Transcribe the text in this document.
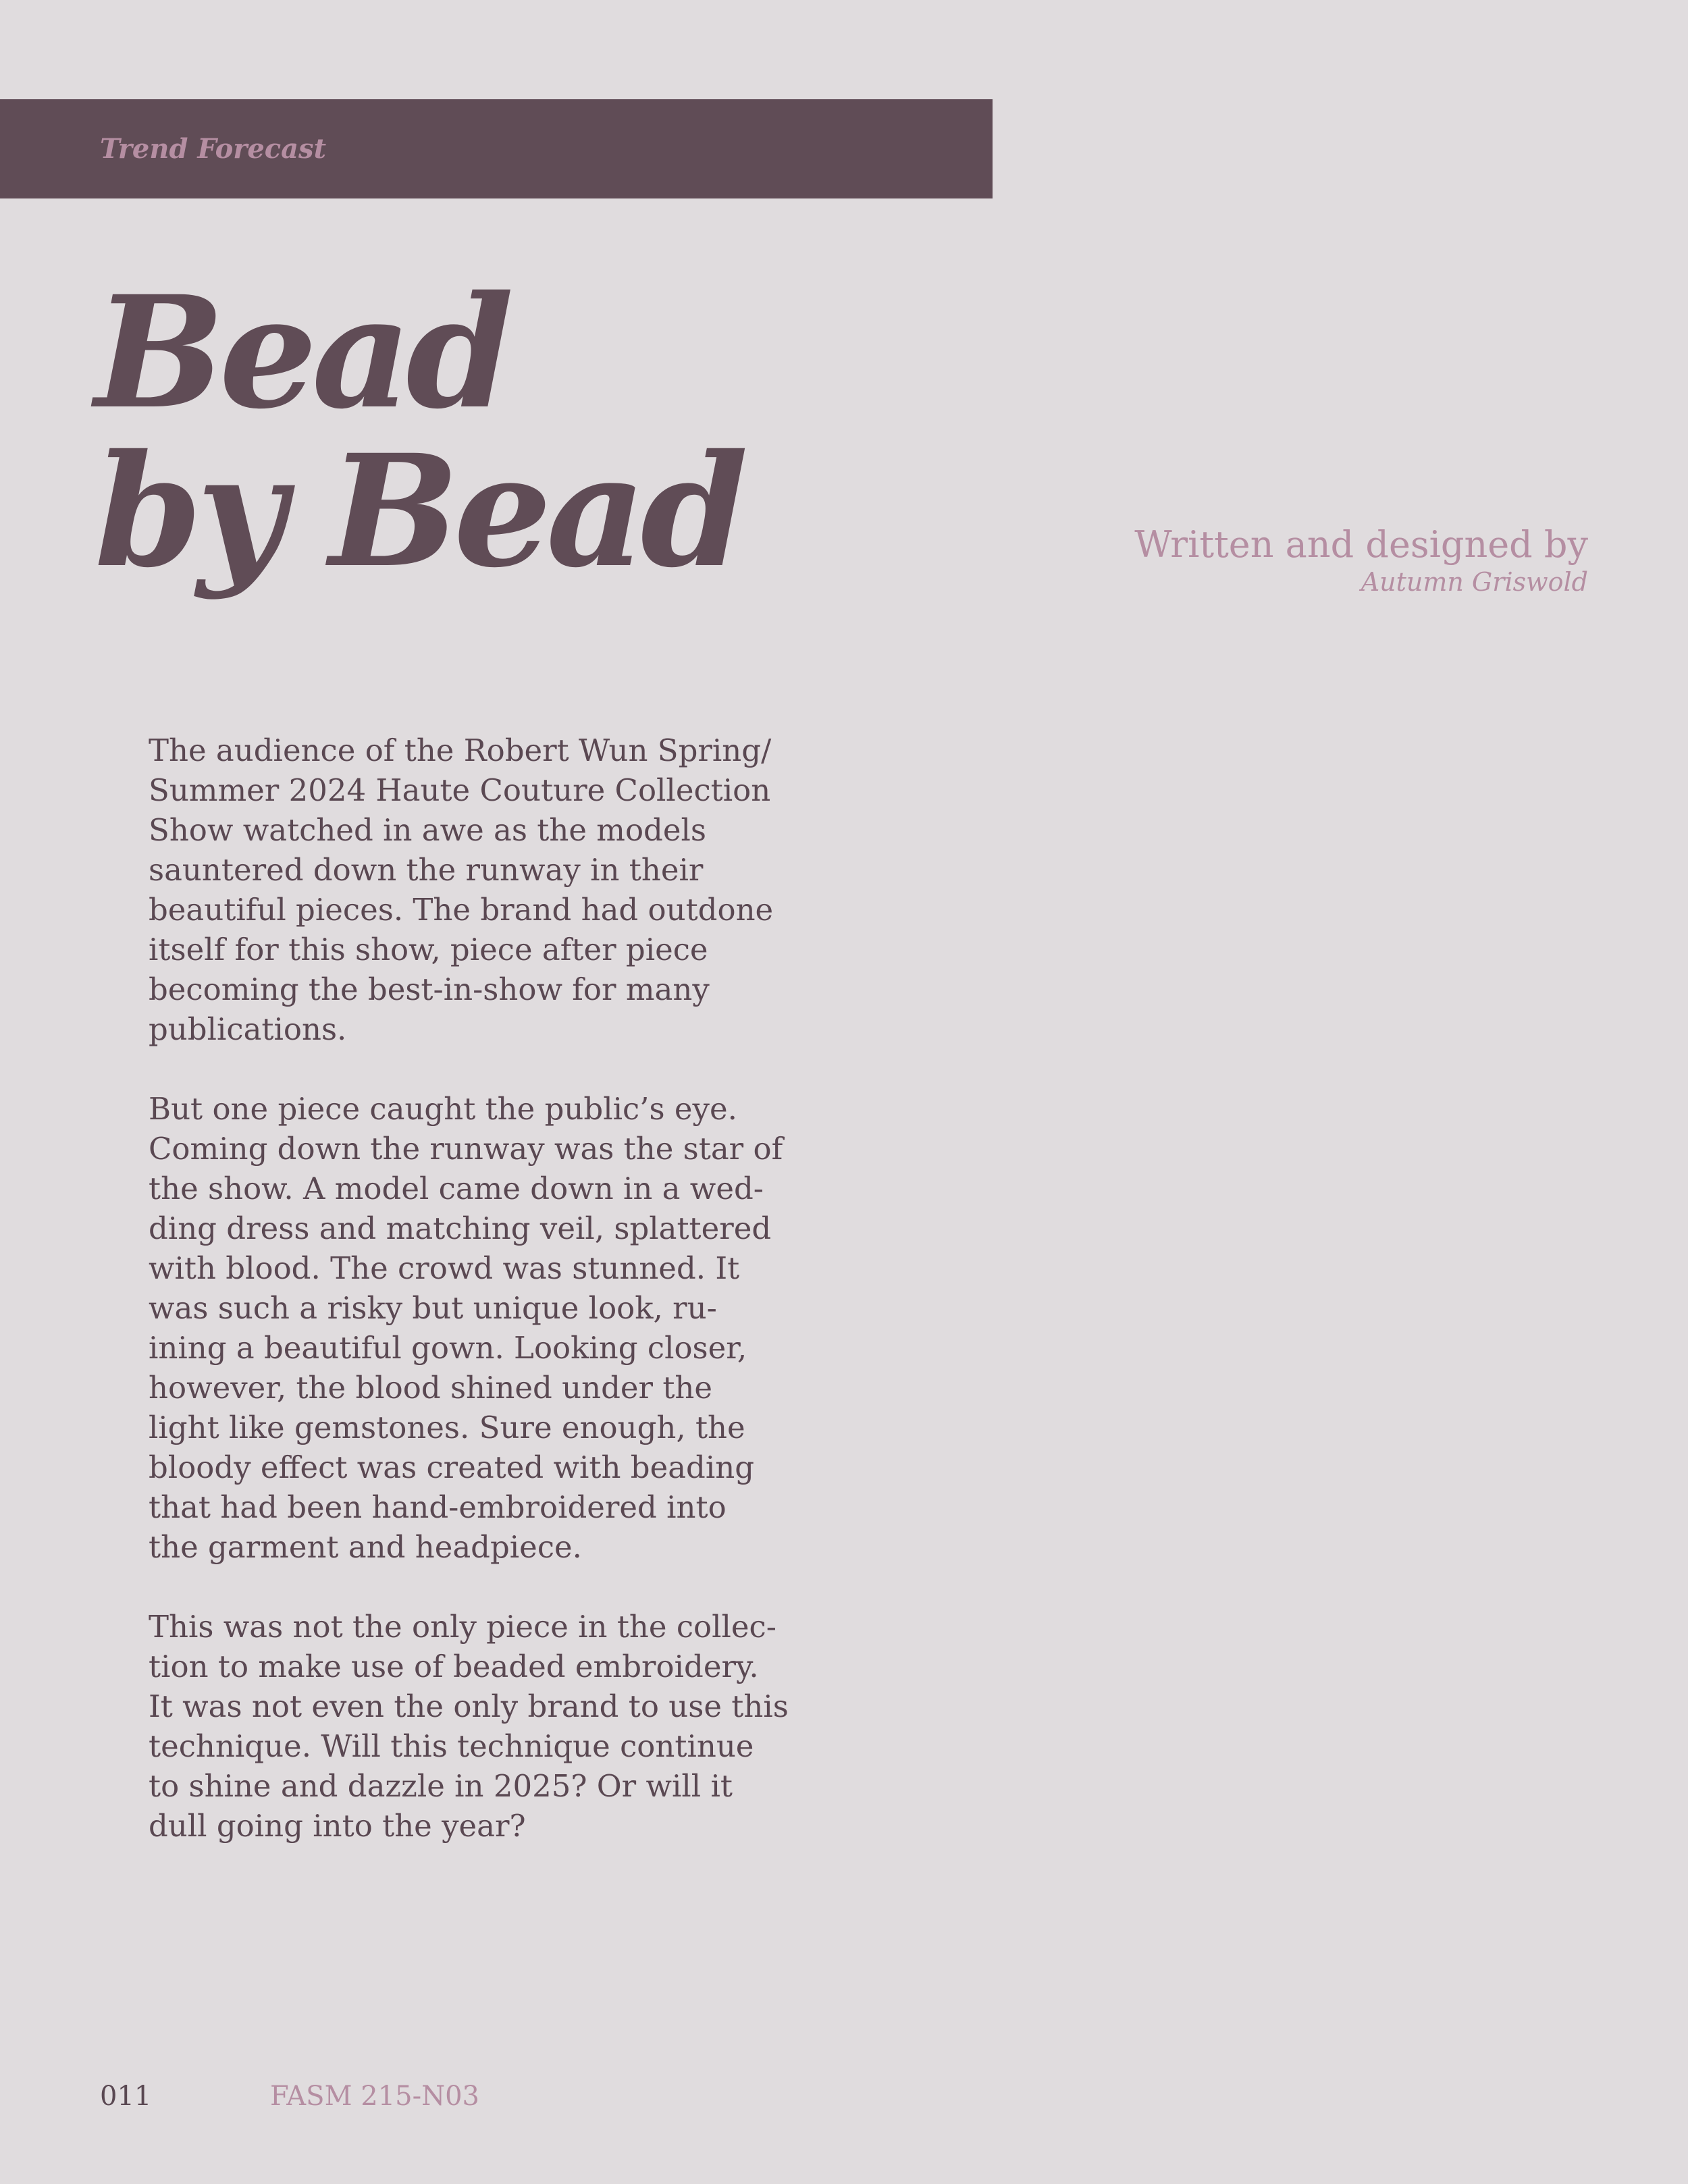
Trend Forecast
Bead
by Bead	Written and designed by
Autumn Griswold

The audience of the Robert Wun Spring/
Summer 2024 Haute Couture Collection
Show watched in awe as the models
sauntered down the runway in their
beautiful pieces. The brand had outdone
itself for this show, piece after piece
becoming the best-in-show for many
publications.

But one piece caught the public’s eye.
Coming down the runway was the star of
the show. A model came down in a wed-
ding dress and matching veil, splattered
with blood. The crowd was stunned. It
was such a risky but unique look, ru-
ining a beautiful gown. Looking closer,
however, the blood shined under the
light like gemstones. Sure enough, the
bloody effect was created with beading
that had been hand-embroidered into
the garment and headpiece.

This was not the only piece in the collec-
tion to make use of beaded embroidery.
It was not even the only brand to use this
technique. Will this technique continue
to shine and dazzle in 2025? Or will it
dull going into the year?

011	FASM 215-N03
